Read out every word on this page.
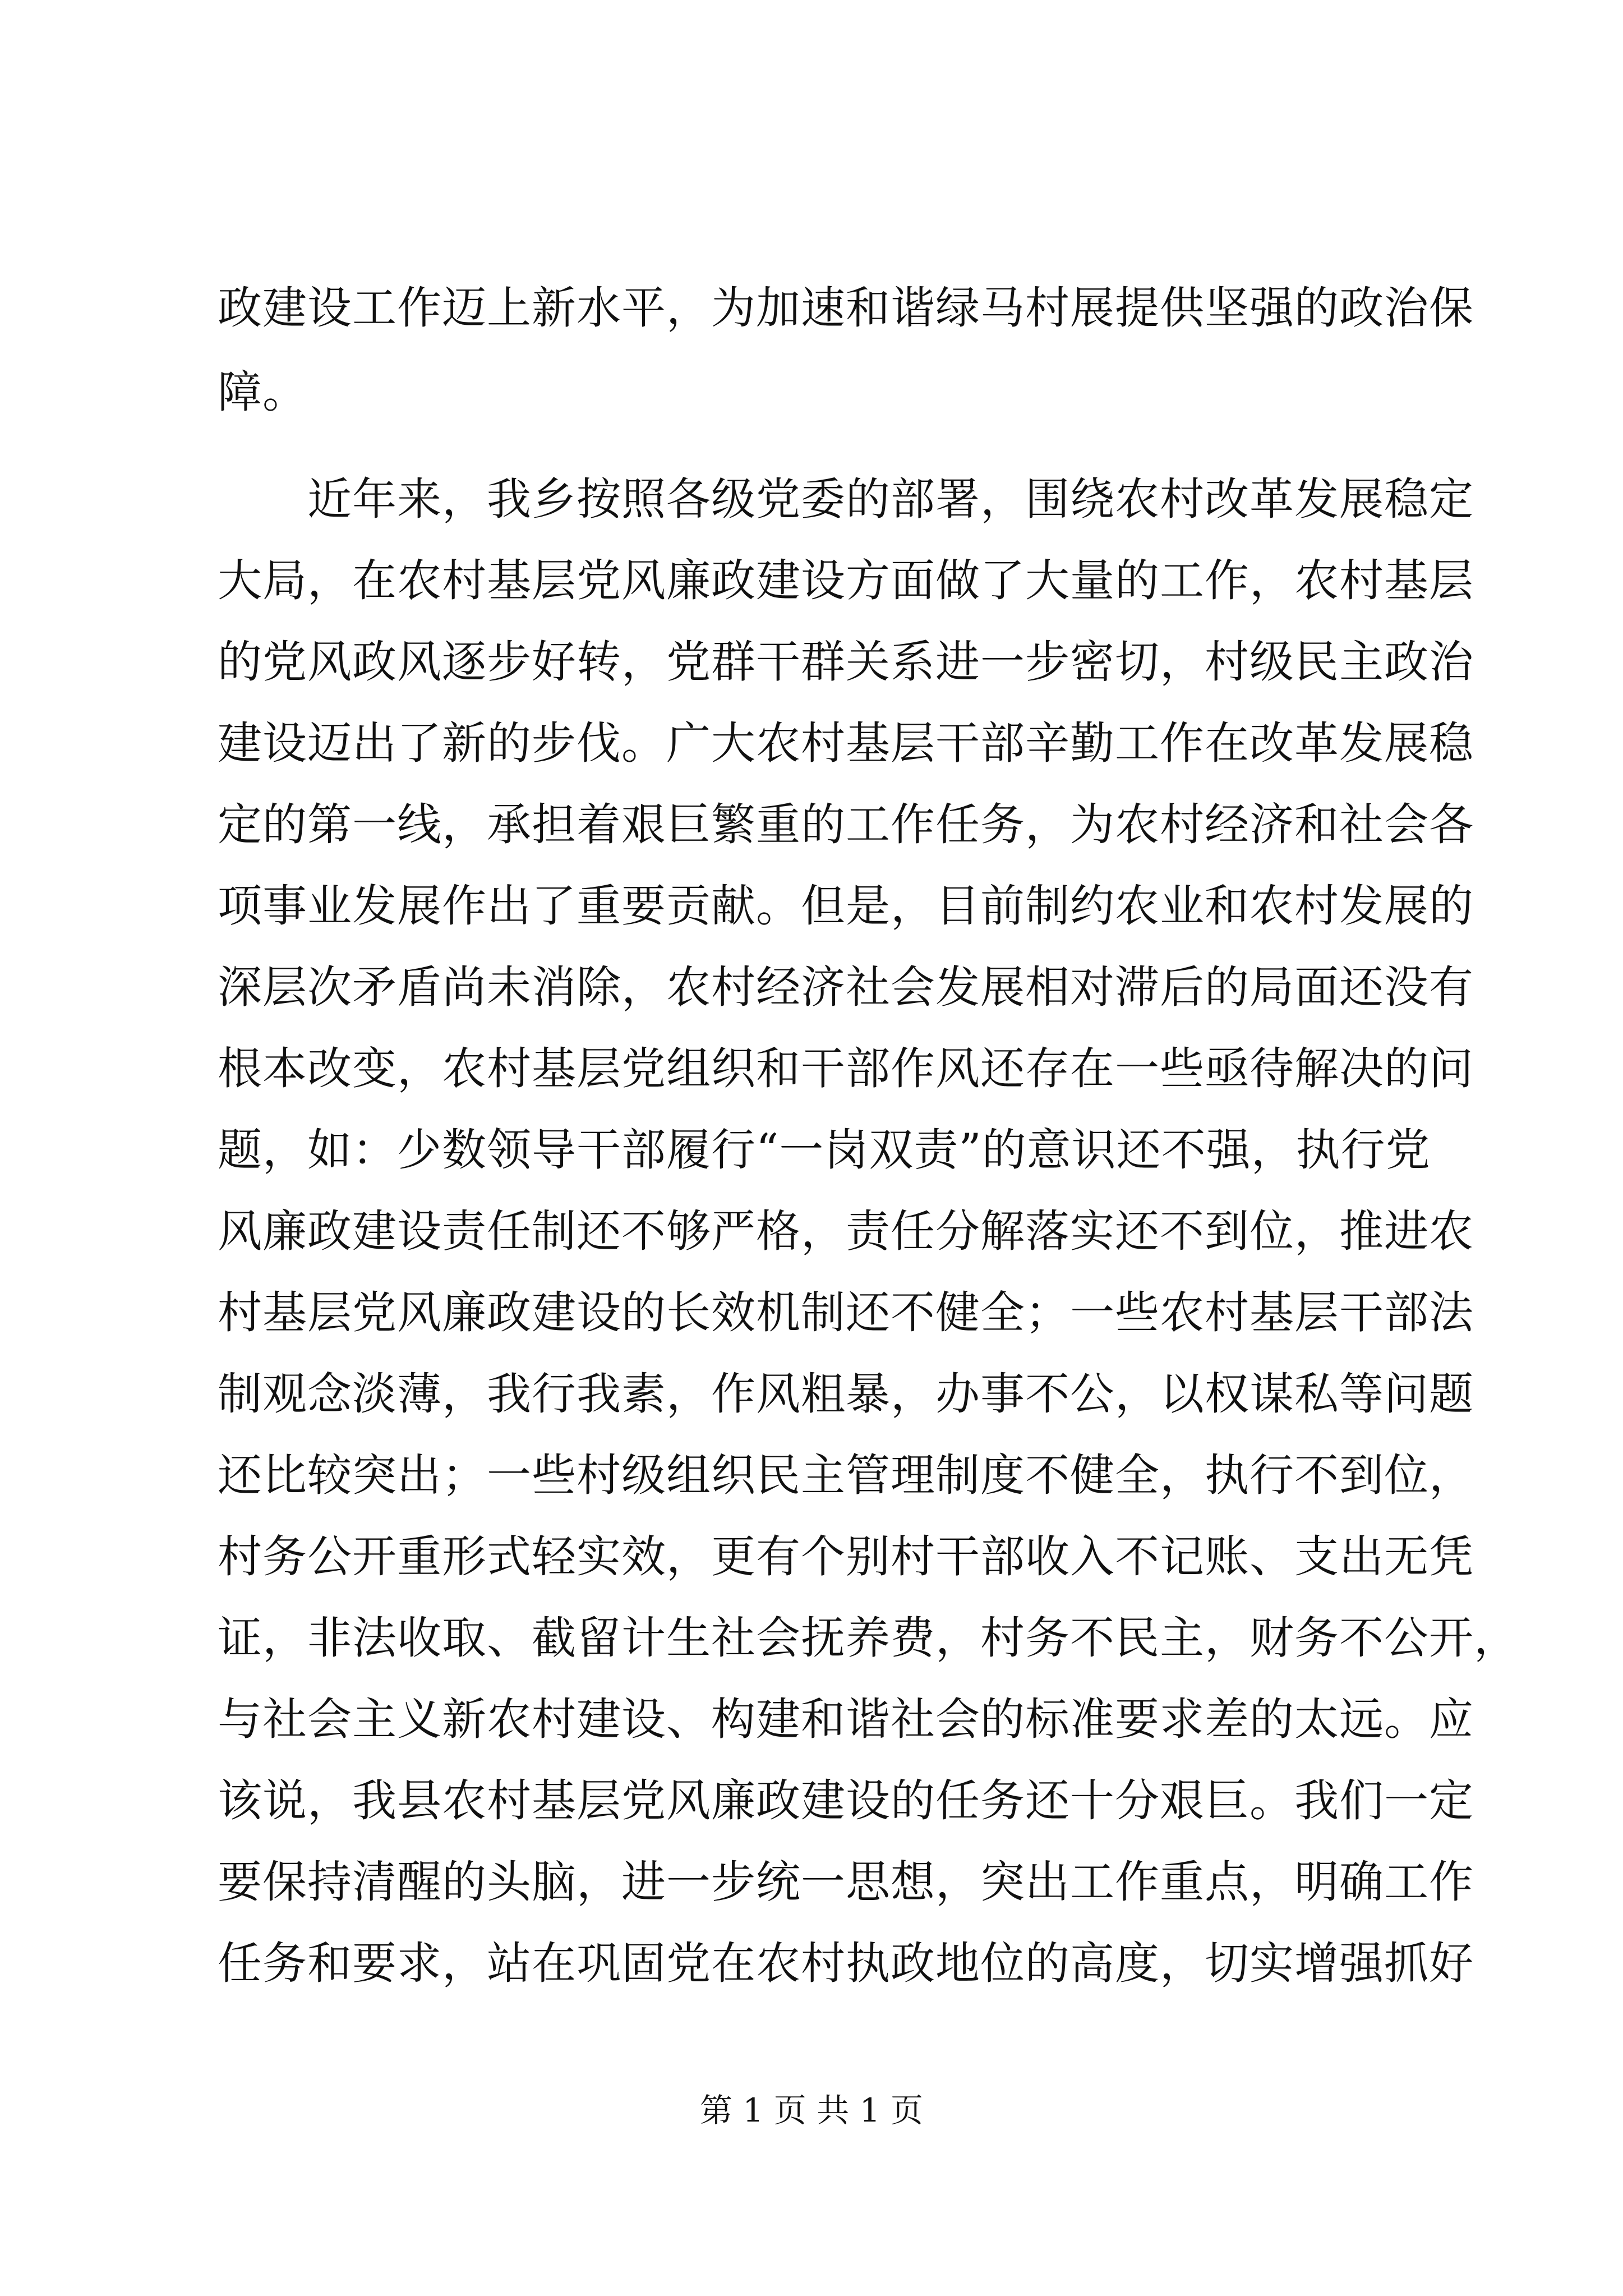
政建设工作迈上新水平，为加速和谐绿马村展提供坚强的政治保

障。

近年来，我乡按照各级党委的部署，围绕农村改革发展稳定

大局，在农村基层党风廉政建设方面做了大量的工作，农村基层

的党风政风逐步好转，党群干群关系进一步密切，村级民主政治

建设迈出了新的步伐。广大农村基层干部辛勤工作在改革发展稳

定的第一线，承担着艰巨繁重的工作任务，为农村经济和社会各

项事业发展作出了重要贡献。但是，目前制约农业和农村发展的

深层次矛盾尚未消除，农村经济社会发展相对滞后的局面还没有

根本改变，农村基层党组织和干部作风还存在一些亟待解决的问

题，如：少数领导干部履行“一岗双责”的意识还不强，执行党

风廉政建设责任制还不够严格，责任分解落实还不到位，推进农

村基层党风廉政建设的长效机制还不健全；一些农村基层干部法

制观念淡薄，我行我素，作风粗暴，办事不公，以权谋私等问题

还比较突出；一些村级组织民主管理制度不健全，执行不到位，

村务公开重形式轻实效，更有个别村干部收入不记账、支出无凭

证，非法收取、截留计生社会抚养费，村务不民主，财务不公开，

与社会主义新农村建设、构建和谐社会的标准要求差的太远。应

该说，我县农村基层党风廉政建设的任务还十分艰巨。我们一定

要保持清醒的头脑，进一步统一思想，突出工作重点，明确工作

任务和要求，站在巩固党在农村执政地位的高度，切实增强抓好

第 1 页 共 1 页
